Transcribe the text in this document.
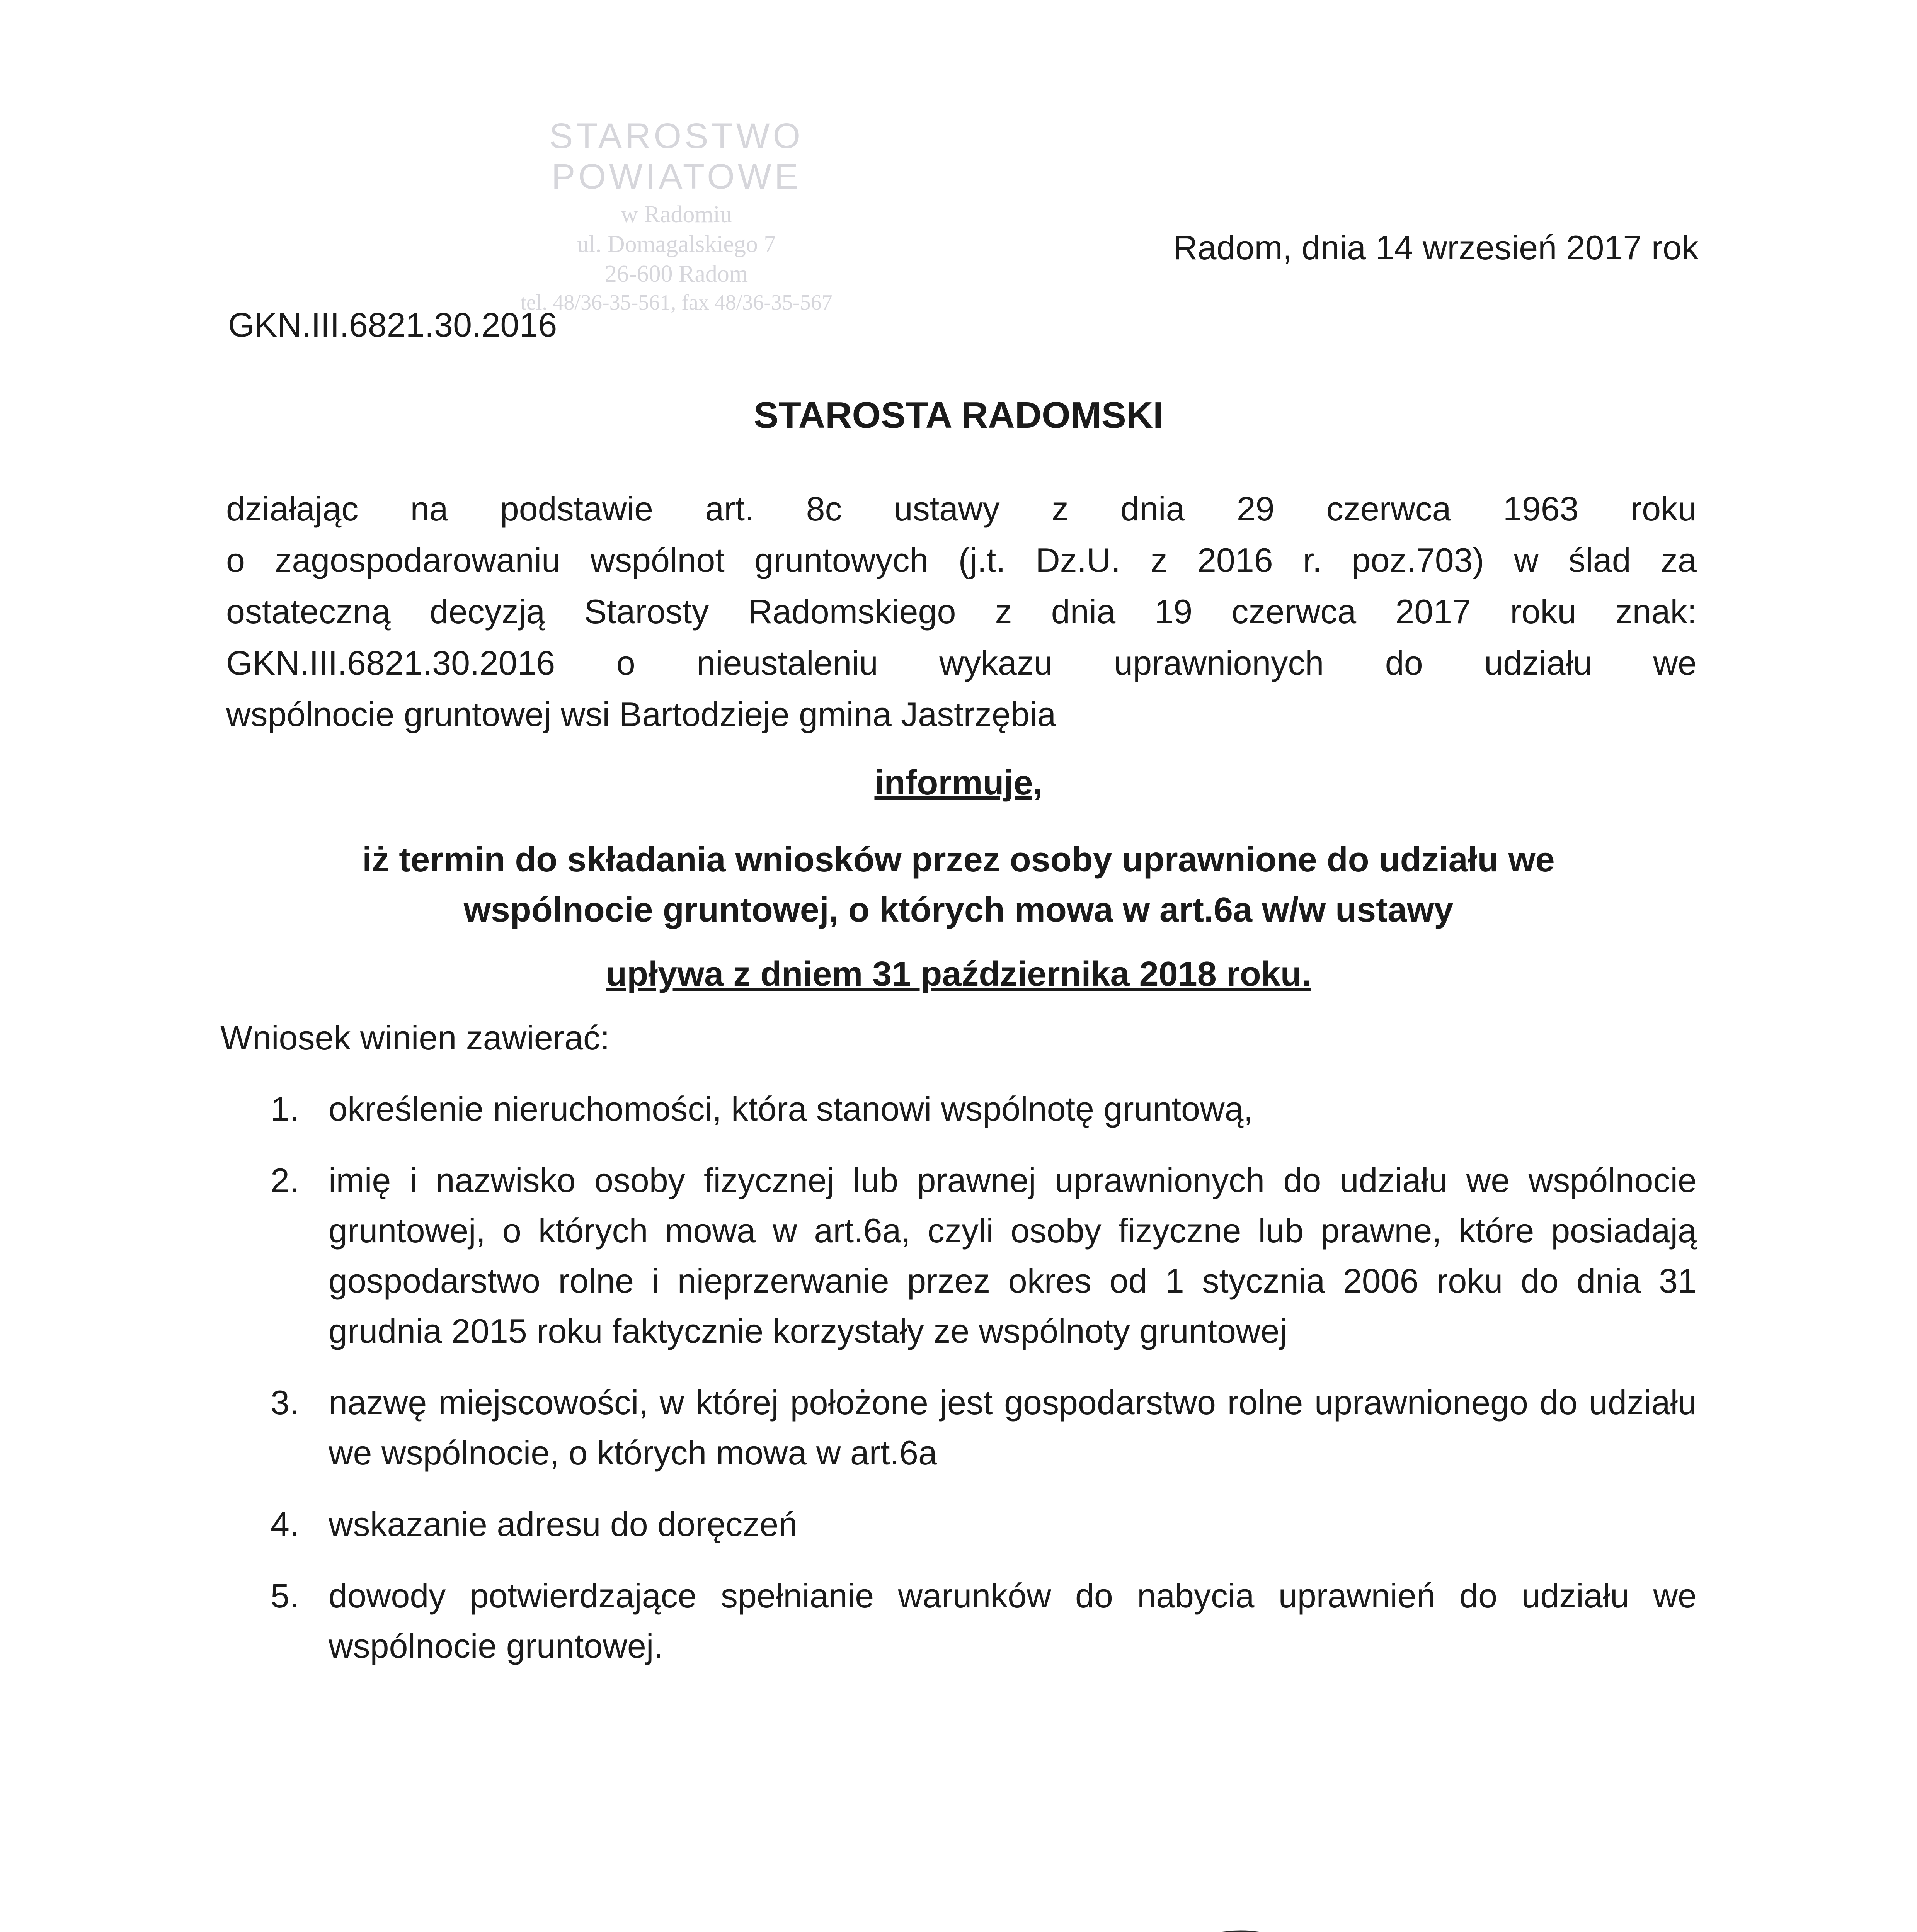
STAROSTWO POWIATOWE
w Radomiu
ul. Domagalskiego 7
26-600 Radom
tel. 48/36-35-561, fax 48/36-35-567
Radom, dnia 14 wrzesień 2017 rok
GKN.III.6821.30.2016
STAROSTA RADOMSKI
działając na podstawie art. 8c ustawy z dnia 29 czerwca 1963 roku
o zagospodarowaniu wspólnot gruntowych (j.t. Dz.U. z 2016 r. poz.703) w ślad za
ostateczną decyzją Starosty Radomskiego z dnia 19 czerwca 2017 roku znak:
GKN.III.6821.30.2016 o nieustaleniu wykazu uprawnionych do udziału we
wspólnocie gruntowej wsi Bartodzieje gmina Jastrzębia
informuje,
iż termin do składania wniosków przez osoby uprawnione do udziału we
wspólnocie gruntowej, o których mowa w art.6a w/w ustawy
upływa z dniem 31 października 2018 roku.
Wniosek winien zawierać:
1. określenie nieruchomości, która stanowi wspólnotę gruntową,
2. imię i nazwisko osoby fizycznej lub prawnej uprawnionych do udziału we wspólnocie gruntowej, o których mowa w art.6a, czyli osoby fizyczne lub prawne, które posiadają gospodarstwo rolne i nieprzerwanie przez okres od 1 stycznia 2006 roku do dnia 31 grudnia 2015 roku faktycznie korzystały ze wspólnoty gruntowej
3. nazwę miejscowości, w której położone jest gospodarstwo rolne uprawnionego do udziału we wspólnocie, o których mowa w art.6a
4. wskazanie adresu do doręczeń
5. dowody potwierdzające spełnianie warunków do nabycia uprawnień do udziału we wspólnocie gruntowej.
